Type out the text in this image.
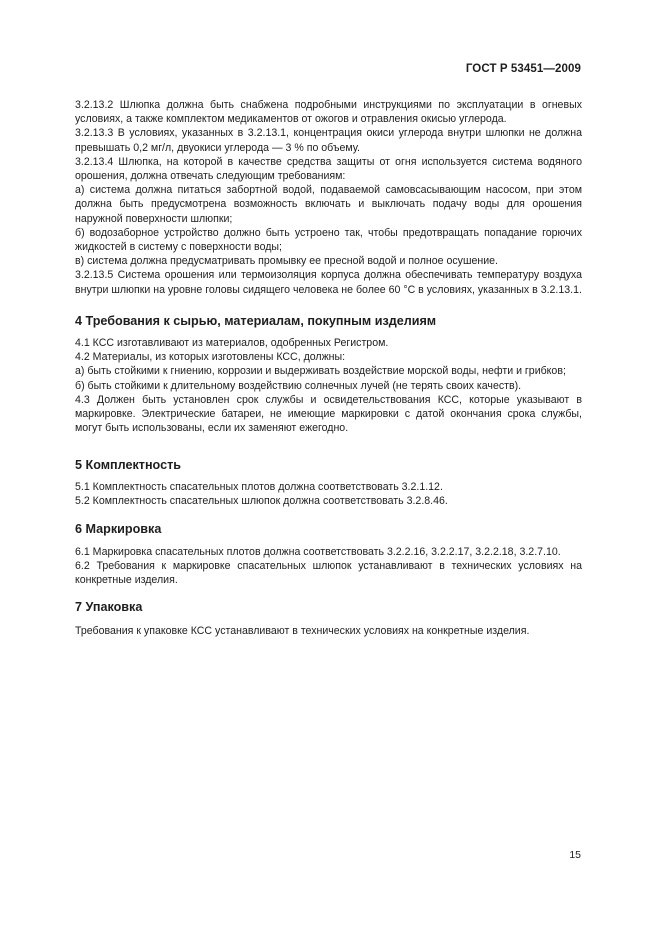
ГОСТ Р 53451—2009

3.2.13.2 Шлюпка должна быть снабжена подробными инструкциями по эксплуатации в огневых условиях, а также комплектом медикаментов от ожогов и отравления окисью углерода.

3.2.13.3 В условиях, указанных в 3.2.13.1, концентрация окиси углерода внутри шлюпки не должна превышать 0,2 мг/л, двуокиси углерода — 3 % по объему.

3.2.13.4 Шлюпка, на которой в качестве средства защиты от огня используется система водяного орошения, должна отвечать следующим требованиям:

а) система должна питаться забортной водой, подаваемой самовсасывающим насосом, при этом должна быть предусмотрена возможность включать и выключать подачу воды для орошения наружной поверхности шлюпки;

б) водозаборное устройство должно быть устроено так, чтобы предотвращать попадание горючих жидкостей в систему с поверхности воды;

в) система должна предусматривать промывку ее пресной водой и полное осушение.

3.2.13.5 Система орошения или термоизоляция корпуса должна обеспечивать температуру воздуха внутри шлюпки на уровне головы сидящего человека не более 60 °С в условиях, указанных в 3.2.13.1.

4 Требования к сырью, материалам, покупным изделиям

4.1 КСС изготавливают из материалов, одобренных Регистром.

4.2 Материалы, из которых изготовлены КСС, должны:

а) быть стойкими к гниению, коррозии и выдерживать воздействие морской воды, нефти и грибков;

б) быть стойкими к длительному воздействию солнечных лучей (не терять своих качеств).

4.3 Должен быть установлен срок службы и освидетельствования КСС, которые указывают в маркировке. Электрические батареи, не имеющие маркировки с датой окончания срока службы, могут быть использованы, если их заменяют ежегодно.

5 Комплектность

5.1 Комплектность спасательных плотов должна соответствовать 3.2.1.12.

5.2 Комплектность спасательных шлюпок должна соответствовать 3.2.8.46.

6 Маркировка

6.1 Маркировка спасательных плотов должна соответствовать 3.2.2.16, 3.2.2.17, 3.2.2.18, 3.2.7.10.

6.2 Требования к маркировке спасательных шлюпок устанавливают в технических условиях на конкретные изделия.

7 Упаковка

Требования к упаковке КСС устанавливают в технических условиях на конкретные изделия.

15
